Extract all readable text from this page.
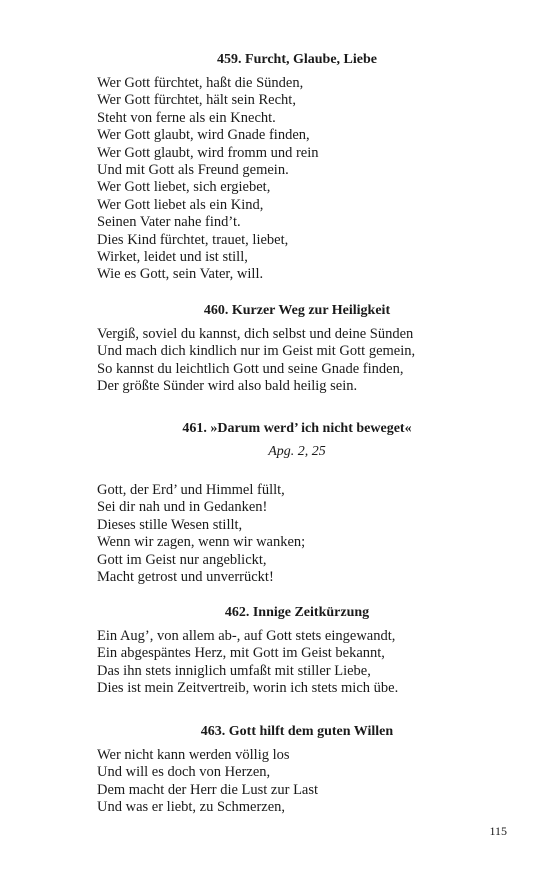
459. Furcht, Glaube, Liebe
Wer Gott fürchtet, haßt die Sünden,
Wer Gott fürchtet, hält sein Recht,
Steht von ferne als ein Knecht.
Wer Gott glaubt, wird Gnade finden,
Wer Gott glaubt, wird fromm und rein
Und mit Gott als Freund gemein.
Wer Gott liebet, sich ergiebet,
Wer Gott liebet als ein Kind,
Seinen Vater nahe find’t.
Dies Kind fürchtet, trauet, liebet,
Wirket, leidet und ist still,
Wie es Gott, sein Vater, will.
460. Kurzer Weg zur Heiligkeit
Vergiß, soviel du kannst, dich selbst und deine Sünden
Und mach dich kindlich nur im Geist mit Gott gemein,
So kannst du leichtlich Gott und seine Gnade finden,
Der größte Sünder wird also bald heilig sein.
461. »Darum werd’ ich nicht beweget«
Apg. 2, 25
Gott, der Erd’ und Himmel füllt,
Sei dir nah und in Gedanken!
Dieses stille Wesen stillt,
Wenn wir zagen, wenn wir wanken;
Gott im Geist nur angeblickt,
Macht getrost und unverrückt!
462. Innige Zeitkürzung
Ein Aug’, von allem ab-, auf Gott stets eingewandt,
Ein abgespäntes Herz, mit Gott im Geist bekannt,
Das ihn stets inniglich umfaßt mit stiller Liebe,
Dies ist mein Zeitvertreib, worin ich stets mich übe.
463. Gott hilft dem guten Willen
Wer nicht kann werden völlig los
Und will es doch von Herzen,
Dem macht der Herr die Lust zur Last
Und was er liebt, zu Schmerzen,
115
